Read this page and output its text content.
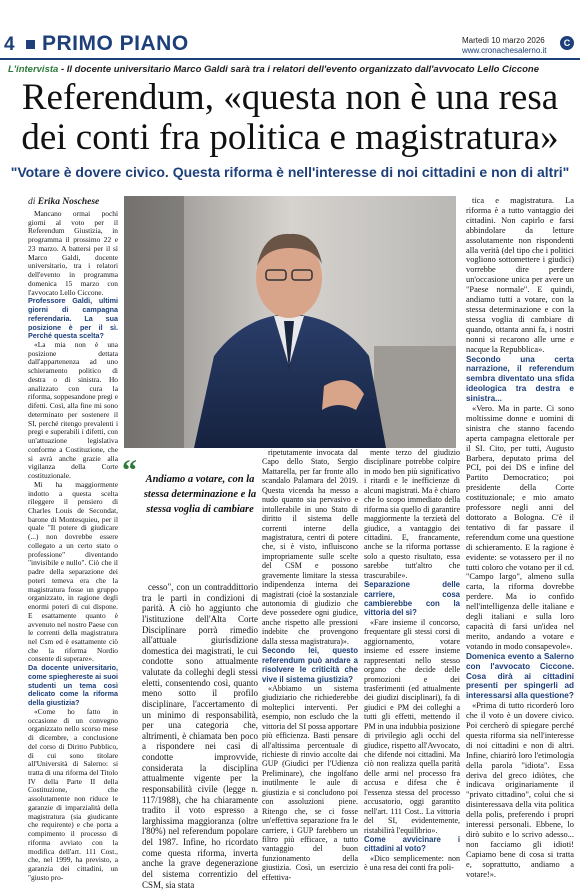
4 PRIMO PIANO	Martedì 10 marzo 2026
www.cronachesalerno.it
C
L'intervista - Il docente universitario Marco Galdi sarà tra i relatori dell'evento organizzato dall'avvocato Lello Ciccone
Referendum, «questa non è una resa
dei conti fra politica e magistratura»
"Votare è dovere civico. Questa riforma è nell'interesse di noi cittadini e non di altri"
di Erika Noschese
“ Andiamo a votare, con la stessa determinazione e la stessa voglia di cambiare

Mancano ormai pochi giorni al voto per il Referendum Giustizia, in programma il prossimo 22 e 23 marzo. A battersi per il sì Marco Galdi, docente universitario, tra i relatori dell'evento in programma domenica 15 marzo con l'avvocato Lello Ciccone.

Professore Galdi, ultimi giorni di campagna referendaria. La sua posizione è per il sì. Perché questa scelta?

«La mia non è una posizione dettata dall'appartenenza ad uno schieramento politico di destra o di sinistra. Ho analizzato con cura la riforma, soppesandone pregi e difetti. Così, alla fine mi sono determinato per sostenere il SI, perché ritengo prevalenti i pregi e superabili i difetti, con un'attuazione legislativa conforme a Costituzione, che si avrà anche grazie alla vigilanza della Corte costituzionale.

Mi ha maggiormente indotto a questa scelta rileggere il pensiero di Charles Louis de Secondat, barone di Montesquieu, per il quale "Il potere di giudicare (...) non dovrebbe essere collegato a un certo stato o professione" diventando "invisibile e nullo". Ciò che il padre della separazione dei poteri temeva era che la magistratura fosse un gruppo organizzato, in ragione degli enormi poteri di cui dispone. E esattamente quanto è avvenuto nel nostro Paese con le correnti della magistratura nel Csm ed è esattamente ciò che la riforma Nordio consente di superare».

Da docente universitario, come spieghereste ai suoi studenti un tema così delicato come la riforma della giustizia?

«Come ho fatto in occasione di un convegno organizzato nello scorso mese di dicembre, a conclusione del corso di Diritto Pubblico, di cui sono titolare all'Università di Salerno: si tratta di una riforma del Titolo IV della Parte II della Costituzione, che assolutamente non riduce le garanzie di imparzialità della magistratura (sia giudicante che requirente) e che porta a compimento il processo di riforma avviato con la modifica dell'art. 111 Cost., che, nel 1999, ha previsto, a garanzia dei cittadini, un "giusto pro-

cesso", con un contraddittorio tra le parti in condizioni di parità. A ciò ho aggiunto che l'istituzione dell'Alta Corte Disciplinare porrà rimedio all'attuale giurisdizione domestica dei magistrati, le cui condotte sono attualmente valutate da colleghi degli stessi eletti, consentendo così, quanto meno sotto il profilo disciplinare, l'accertamento di un minimo di responsabilità, per una categoria che, altrimenti, è chiamata ben poco a rispondere nei casi di condotte improvvide, considerata la disciplina attualmente vigente per la responsabilità civile (legge n. 117/1988), che ha chiaramente tradito il voto espresso a larghissima maggioranza (oltre l'80%) nel referendum popolare del 1987. Infine, ho ricordato come questa riforma, inverta anche la grave degenerazione del sistema correntizio del CSM, sia stata

ripetutamente invocata dal Capo dello Stato, Sergio Mattarella, per far fronte allo scandalo Palamara del 2019. Questa vicenda ha messo a nudo quanto sia pervasivo e intollerabile in uno Stato di diritto il sistema delle correnti interne della magistratura, centri di potere che, si è visto, influiscono impropriamente sulle scelte del CSM e possono gravemente limitare la stessa indipendenza interna dei magistrati (cioè la sostanziale autonomia di giudizio che deve possedere ogni giudice, anche rispetto alle pressioni indebite che provengono dalla stessa magistratura)».

Secondo lei, questo referendum può andare a risolvere le criticità che vive il sistema giustizia?

«Abbiamo un sistema giudiziario che richiederebbe molteplici interventi. Per esempio, non escludo che la vittoria del SI possa apportare più efficienza. Basti pensare all'altissima percentuale di richieste di rinvio accolte dai GUP (Giudici per l'Udienza Preliminare), che ingolfano inutilmente le aule di giustizia e si concludono poi con assoluzioni piene. Ritengo che, se ci fosse un'effettiva separazione fra le carriere, i GUP farebbero un filtro più efficace, a tutto vantaggio del buon funzionamento della giustizia. Così, un esercizio effettiva-

mente terzo del giudizio disciplinare potrebbe colpire in modo ben più significativo i ritardi e le inefficienze di alcuni magistrati. Ma è chiaro che lo scopo immediato della riforma sia quello di garantire maggiormente la terzietà del giudice, a vantaggio dei cittadini. E, francamente, anche se la riforma portasse solo a questo risultato, essa sarebbe tutt'altro che trascurabile».

Separazione delle carriere, cosa cambierebbe con la vittoria del sì?

«Fare insieme il concorso, frequentare gli stessi corsi di aggiornamento, votare insieme ed essere insieme rappresentati nello stesso organo che decide delle promozioni e dei trasferimenti (ed attualmente dei giudizi disciplinari), fa di giudici e PM dei colleghi a tutti gli effetti, mettendo il PM in una indubbia posizione di privilegio agli occhi del giudice, rispetto all'Avvocato, che difende noi cittadini. Ma ciò non realizza quella parità delle armi nel processo fra accusa e difesa che è l'essenza stessa del processo accusatorio, oggi garantito nell'art. 111 Cost.. La vittoria del SI, evidentemente, ristabilirà l'equilibrio».

Come avvicinare i cittadini al voto?

«Dico semplicemente: non è una resa dei conti fra poli-

tica e magistratura. La riforma è a tutto vantaggio dei cittadini. Non capirlo e farsi abbindolare da letture assolutamente non rispondenti alla verità (del tipo che i politici vogliono sottomettere i giudici) vorrebbe dire perdere un'occasione unica per avere un "Paese normale". E quindi, andiamo tutti a votare, con la stessa determinazione e con la stessa voglia di cambiare di quando, ottanta anni fa, i nostri nonni si recarono alle urne e nacque la Repubblica».

Secondo una certa narrazione, il referendum sembra diventato una sfida ideologica tra destra e sinistra...

«Vero. Ma in parte. Ci sono moltissime donne e uomini di sinistra che stanno facendo aperta campagna elettorale per il SI. Cito, per tutti, Augusto Barbera, deputato prima del PCI, poi dei DS e infine del Partito Democratico; poi presidente della Corte costituzionale; e mio amato professore negli anni del dottorato a Bologna. C'è il tentativo di far passare il referendum come una questione di schieramento. E la ragione è evidente: se votassero per il no tutti coloro che votano per il cd. "Campo largo", almeno sulla carta, la riforma dovrebbe perdere. Ma io confido nell'intelligenza delle italiane e degli italiani e sulla loro capacità di farsi un'idea nel merito, andando a votare e votando in modo consapevole».

Domenica evento a Salerno con l'avvocato Ciccone. Cosa dirà ai cittadini presenti per spingerli ad interessarsi alla questione?

«Prima di tutto ricorderò loro che il voto è un dovere civico. Poi cercherò di spiegare perché questa riforma sia nell'interesse di noi cittadini e non di altri. Infine, chiarirò loro l'etimologia della parola "idiota". Essa deriva del greco idiòtes, che indicava originariamente il "privato cittadino", colui che si disinteressava della vita politica della polis, preferendo i propri interessi personali. Ebbene, lo dirò subito e lo scrivo adesso... non facciamo gli idioti! Capiamo bene di cosa si tratta e, soprattutto, andiamo a votare!».
